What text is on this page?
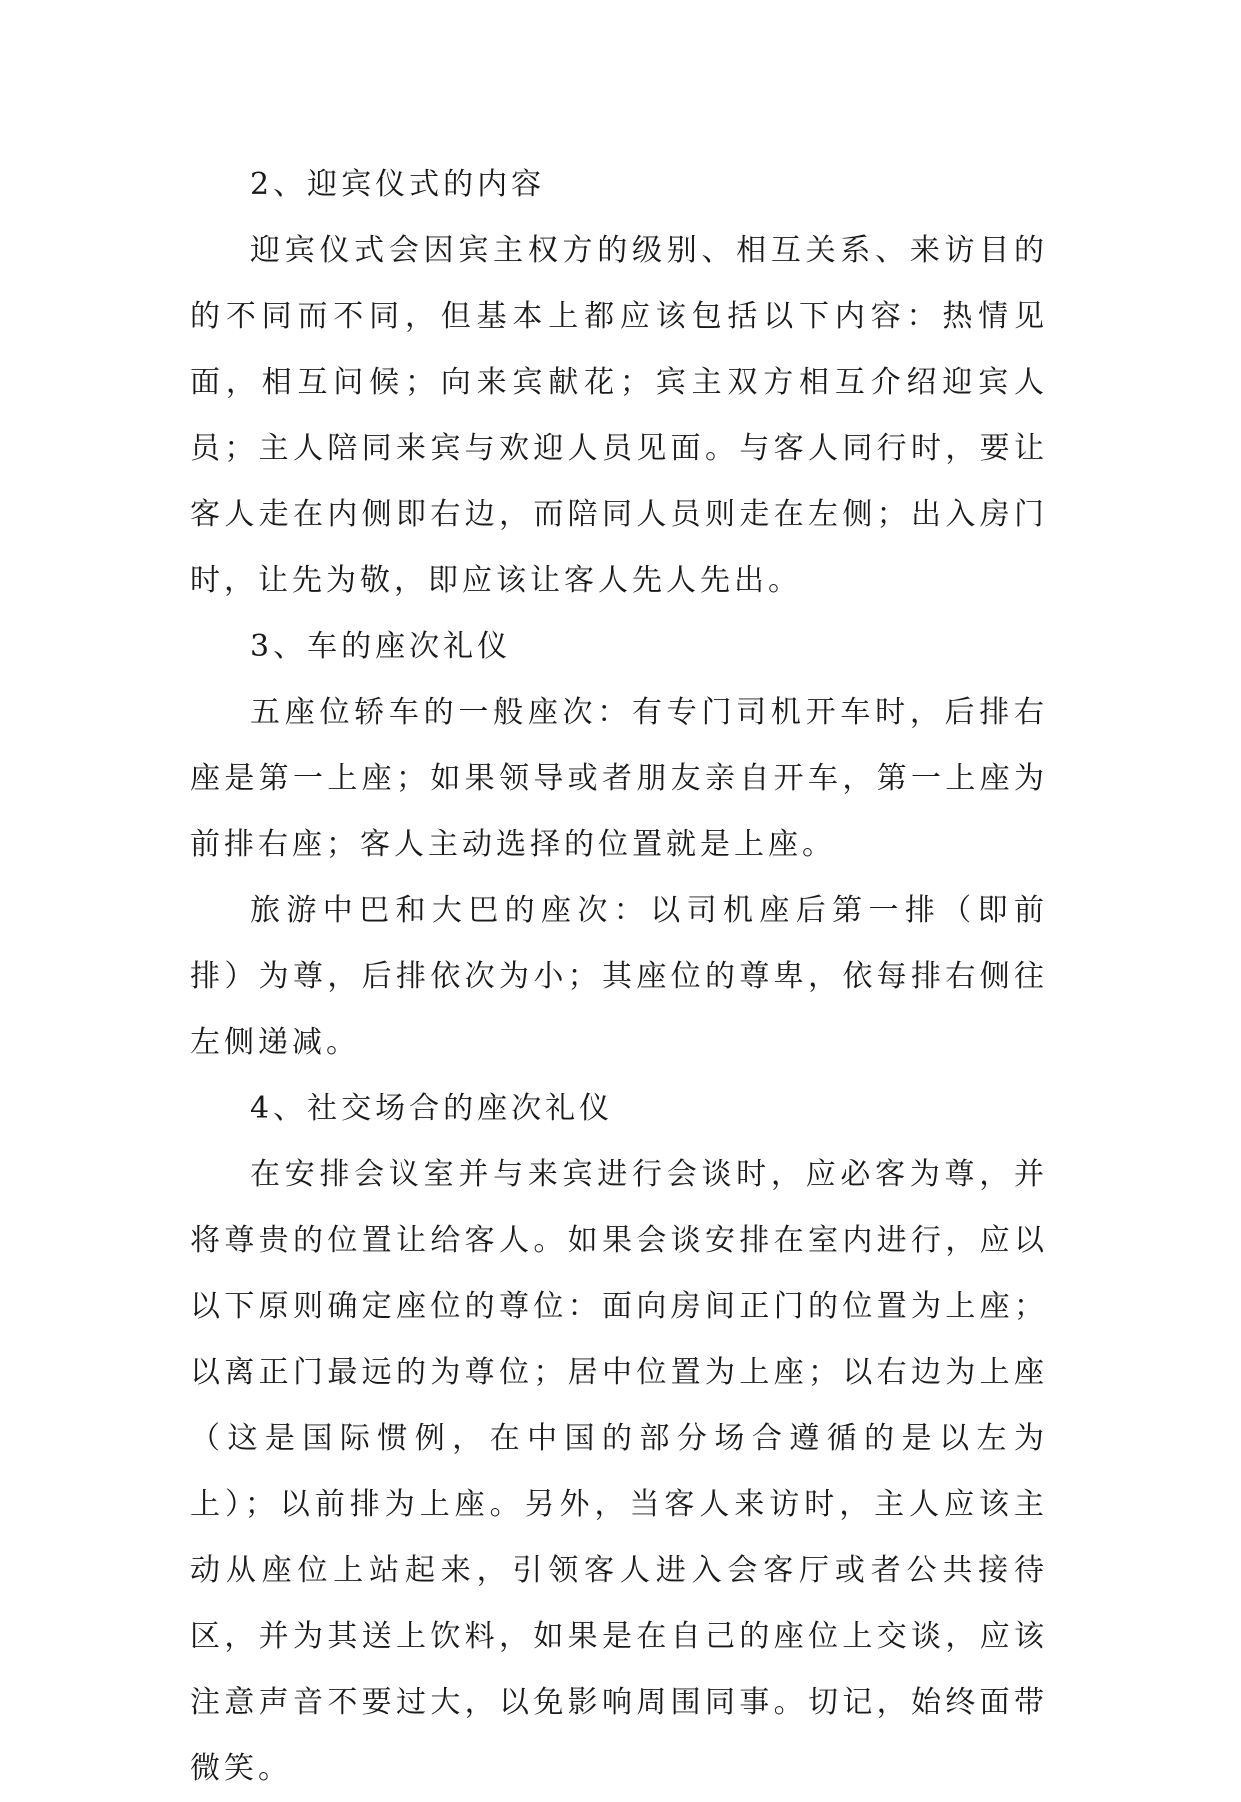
2、迎宾仪式的内容

迎宾仪式会因宾主权方的级别、相互关系、来访目的的不同而不同，但基本上都应该包括以下内容：热情见面，相互问候；向来宾献花；宾主双方相互介绍迎宾人员；主人陪同来宾与欢迎人员见面。与客人同行时，要让客人走在内侧即右边，而陪同人员则走在左侧；出入房门时，让先为敬，即应该让客人先人先出。

3、车的座次礼仪

五座位轿车的一般座次：有专门司机开车时，后排右座是第一上座；如果领导或者朋友亲自开车，第一上座为前排右座；客人主动选择的位置就是上座。

旅游中巴和大巴的座次：以司机座后第一排（即前排）为尊，后排依次为小；其座位的尊卑，依每排右侧往左侧递减。

4、社交场合的座次礼仪

在安排会议室并与来宾进行会谈时，应必客为尊，并将尊贵的位置让给客人。如果会谈安排在室内进行，应以以下原则确定座位的尊位：面向房间正门的位置为上座；以离正门最远的为尊位；居中位置为上座；以右边为上座（这是国际惯例，在中国的部分场合遵循的是以左为上）；以前排为上座。另外，当客人来访时，主人应该主动从座位上站起来，引领客人进入会客厅或者公共接待区，并为其送上饮料，如果是在自己的座位上交谈，应该注意声音不要过大，以免影响周围同事。切记，始终面带微笑。
